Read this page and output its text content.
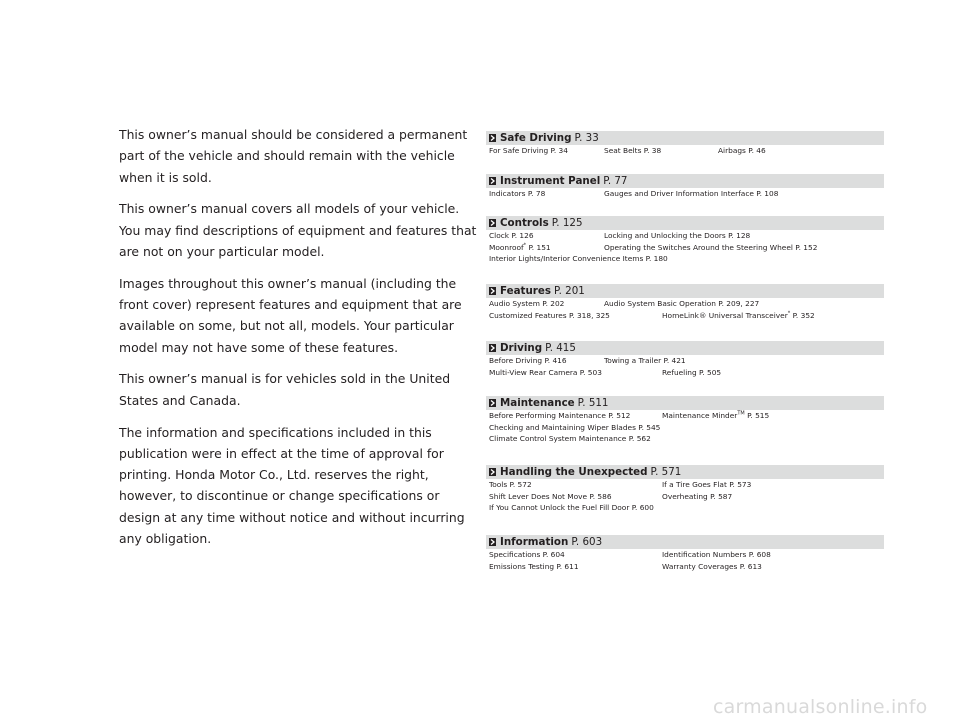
This owner’s manual should be considered a permanent part of the vehicle and should remain with the vehicle when it is sold.

This owner’s manual covers all models of your vehicle. You may find descriptions of equipment and features that are not on your particular model.

Images throughout this owner’s manual (including the front cover) represent features and equipment that are available on some, but not all, models. Your particular model may not have some of these features.

This owner’s manual is for vehicles sold in the United States and Canada.

The information and specifications included in this publication were in effect at the time of approval for printing. Honda Motor Co., Ltd. reserves the right, however, to discontinue or change specifications or design at any time without notice and without incurring any obligation.

Safe Driving P. 33
For Safe Driving P. 34	Seat Belts P. 38	Airbags P. 46
Instrument Panel P. 77
Indicators P. 78	Gauges and Driver Information Interface P. 108
Controls P. 125
Clock P. 126	Locking and Unlocking the Doors P. 128
Moonroof* P. 151	Operating the Switches Around the Steering Wheel P. 152
Interior Lights/Interior Convenience Items P. 180
Features P. 201
Audio System P. 202	Audio System Basic Operation P. 209, 227
Customized Features P. 318, 325	HomeLink® Universal Transceiver* P. 352
Driving P. 415
Before Driving P. 416	Towing a Trailer P. 421
Multi-View Rear Camera P. 503	Refueling P. 505
Maintenance P. 511
Before Performing Maintenance P. 512	Maintenance Minder™ P. 515
Checking and Maintaining Wiper Blades P. 545
Climate Control System Maintenance P. 562
Handling the Unexpected P. 571
Tools P. 572	If a Tire Goes Flat P. 573
Shift Lever Does Not Move P. 586	Overheating P. 587
If You Cannot Unlock the Fuel Fill Door P. 600
Information P. 603
Specifications P. 604	Identification Numbers P. 608
Emissions Testing P. 611	Warranty Coverages P. 613
carmanualsonline.info
